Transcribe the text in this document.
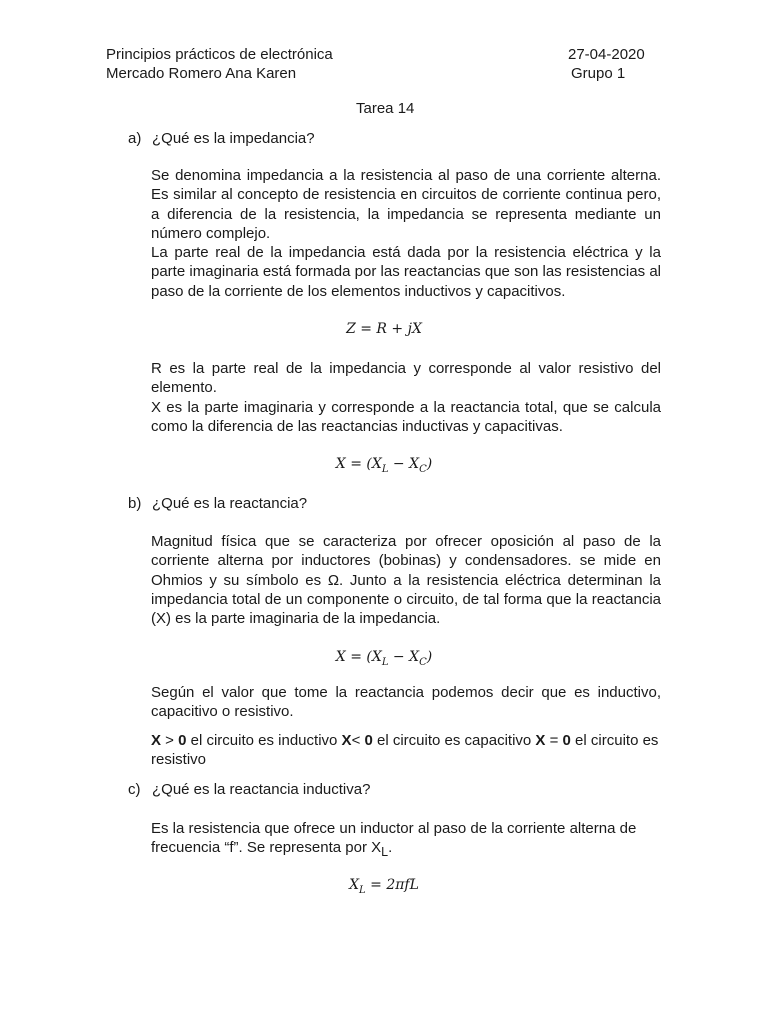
Principios prácticos de electrónica	27-04-2020
Mercado Romero Ana Karen	Grupo 1
Tarea 14
a) ¿Qué es la impedancia?

Se denomina impedancia a la resistencia al paso de una corriente alterna. Es similar al concepto de resistencia en circuitos de corriente continua pero, a diferencia de la resistencia, la impedancia se representa mediante un número complejo.

La parte real de la impedancia está dada por la resistencia eléctrica y la parte imaginaria está formada por las reactancias que son las resistencias al paso de la corriente de los elementos inductivos y capacitivos.

Z = R + jX

R es la parte real de la impedancia y corresponde al valor resistivo del elemento.

X es la parte imaginaria y corresponde a la reactancia total, que se calcula como la diferencia de las reactancias inductivas y capacitivas.

$X = (X_L - X_C)$
b) ¿Qué es la reactancia?

Magnitud física que se caracteriza por ofrecer oposición al paso de la corriente alterna por inductores (bobinas) y condensadores. se mide en Ohmios y su símbolo es Ω. Junto a la resistencia eléctrica determinan la impedancia total de un componente o circuito, de tal forma que la reactancia (X) es la parte imaginaria de la impedancia.

$X = (X_L - X_C)$

Según el valor que tome la reactancia podemos decir que es inductivo, capacitivo o resistivo.

X > 0 el circuito es inductivo X< 0 el circuito es capacitivo X = 0 el circuito es
resistivo

c) ¿Qué es la reactancia inductiva?

Es la resistencia que ofrece un inductor al paso de la corriente alterna de

frecuencia “f”. Se representa por $X_L$.

$X_L = 2\pi fL$
